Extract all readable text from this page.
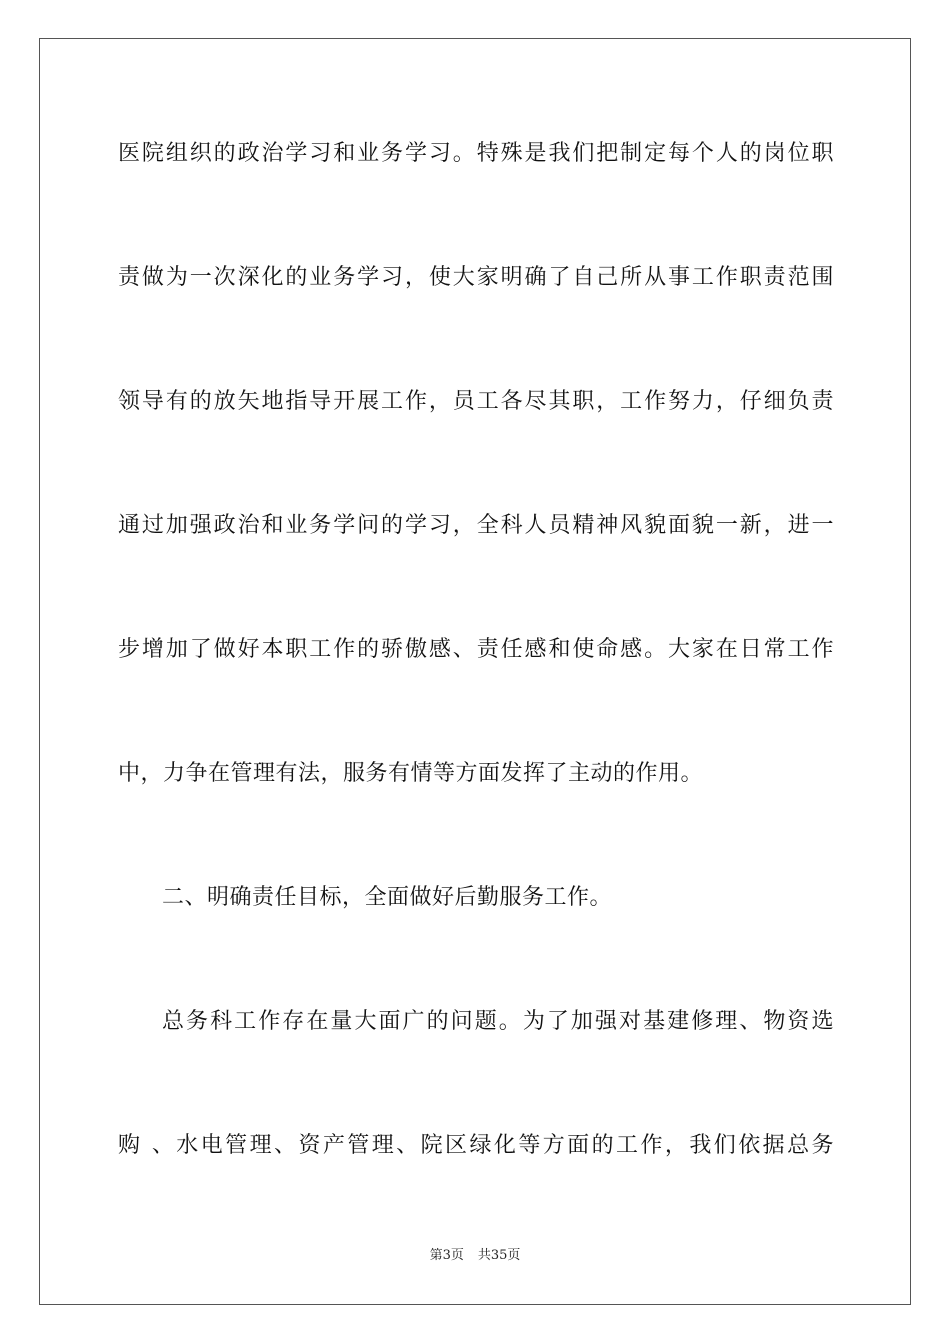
医院组织的政治学习和业务学习。特殊是我们把制定每个人的岗位职
责做为一次深化的业务学习，使大家明确了自己所从事工作职责范围
领导有的放矢地指导开展工作，员工各尽其职，工作努力，仔细负责
通过加强政治和业务学问的学习，全科人员精神风貌面貌一新，进一
步增加了做好本职工作的骄傲感、责任感和使命感。大家在日常工作
中，力争在管理有法，服务有情等方面发挥了主动的作用。
二、明确责任目标，全面做好后勤服务工作。
总务科工作存在量大面广的问题。为了加强对基建修理、物资选
购 、水电管理、资产管理、院区绿化等方面的工作，我们依据总务
第3页 共35页
